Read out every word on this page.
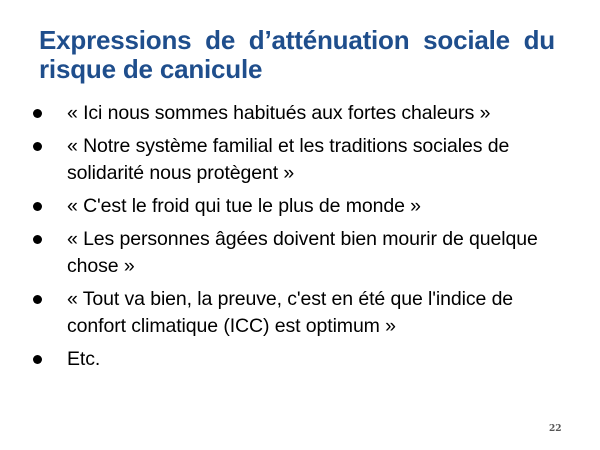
Expressions de d’atténuation sociale du
risque de canicule
« Ici nous sommes habitués aux fortes chaleurs »
« Notre système familial et les traditions sociales de solidarité nous protègent »
« C'est le froid qui tue le plus de monde »
« Les personnes âgées doivent bien mourir de quelque chose »
« Tout va bien, la preuve, c'est en été que l'indice de confort climatique (ICC) est optimum »
Etc.
22
